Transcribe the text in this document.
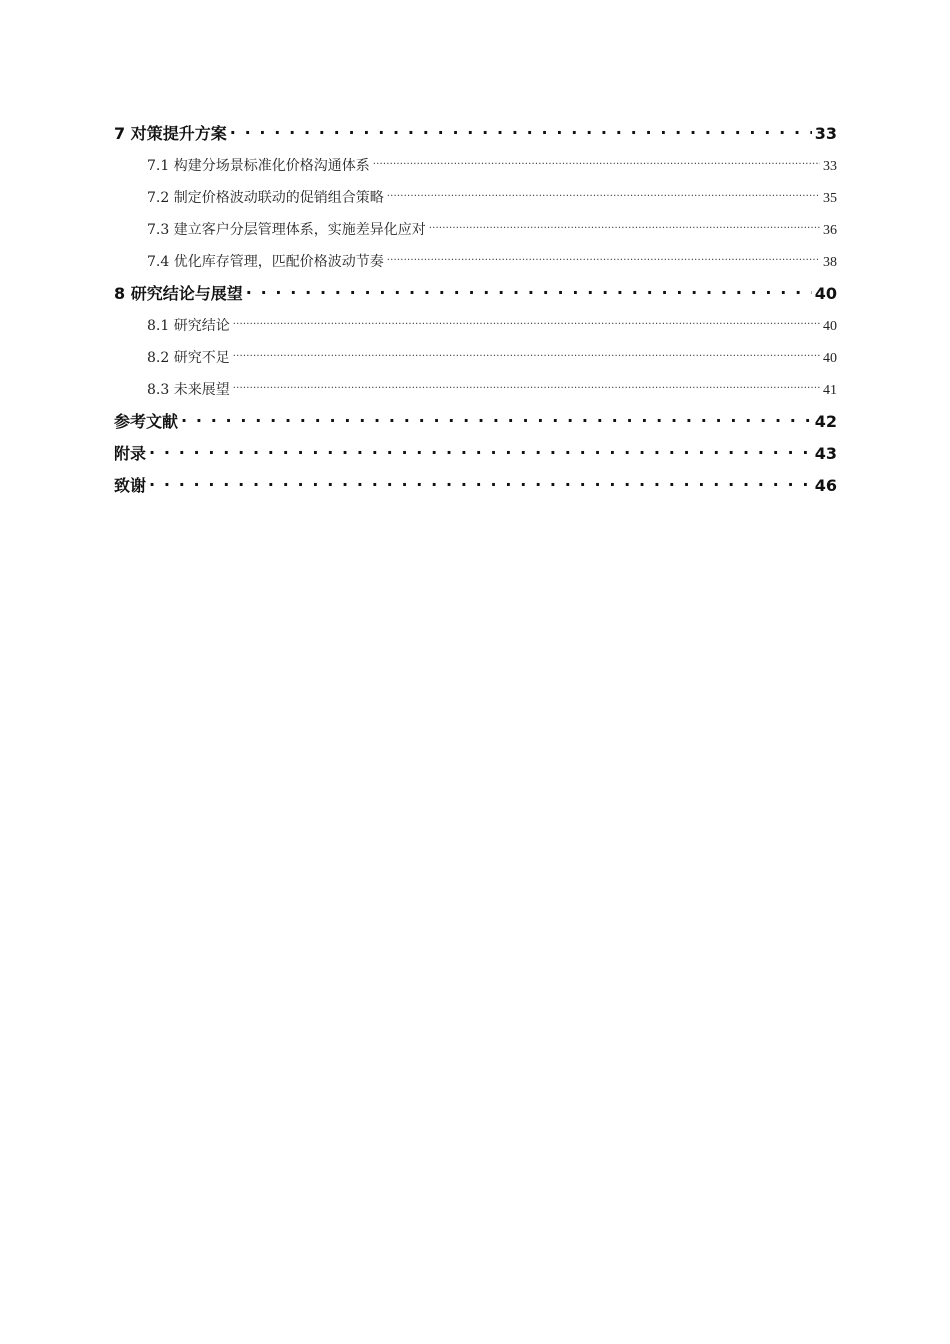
7 对策提升方案 . . .	33
7.1 构建分场景标准化价格沟通体系 .....	33
7.2 制定价格波动联动的促销组合策略 .....	35
7.3 建立客户分层管理体系，实施差异化应对 .....	36
7.4 优化库存管理，匹配价格波动节奏 .....	38
8 研究结论与展望 . . .	40
8.1 研究结论 .....	40
8.2 研究不足 .....	40
8.3 未来展望 .....	41
参考文献 . . .	42
附录 . . .	43
致谢 . . .	46
